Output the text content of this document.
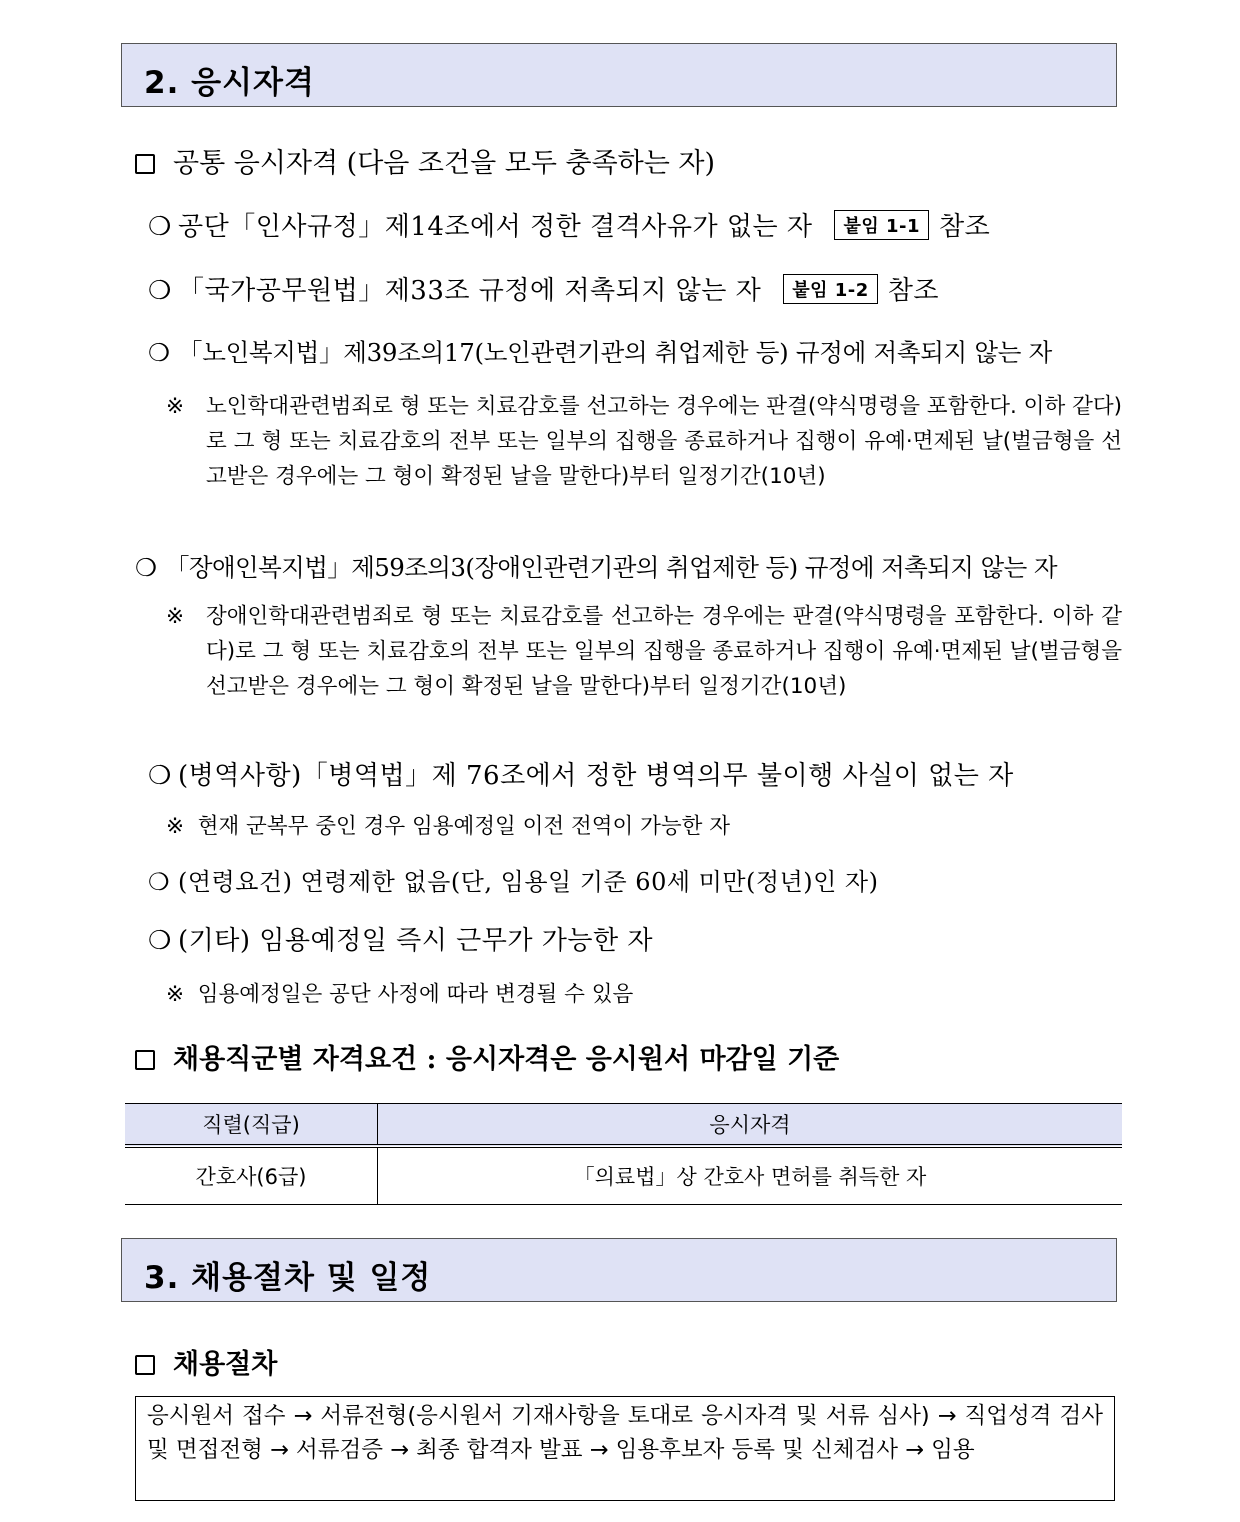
2. 응시자격
공통 응시자격 (다음 조건을 모두 충족하는 자)
❍ 공단「인사규정」제14조에서 정한 결격사유가 없는 자 붙임 1-1 참조
❍ 「국가공무원법」제33조 규정에 저촉되지 않는 자 붙임 1-2 참조
❍ 「노인복지법」제39조의17(노인관련기관의 취업제한 등) 규정에 저촉되지 않는 자
※ 노인학대관련범죄로 형 또는 치료감호를 선고하는 경우에는 판결(약식명령을 포함한다. 이하 같다)로 그 형 또는 치료감호의 전부 또는 일부의 집행을 종료하거나 집행이 유예·면제된 날(벌금형을 선고받은 경우에는 그 형이 확정된 날을 말한다)부터 일정기간(10년)
❍ 「장애인복지법」제59조의3(장애인관련기관의 취업제한 등) 규정에 저촉되지 않는 자
※ 장애인학대관련범죄로 형 또는 치료감호를 선고하는 경우에는 판결(약식명령을 포함한다. 이하 같다)로 그 형 또는 치료감호의 전부 또는 일부의 집행을 종료하거나 집행이 유예·면제된 날(벌금형을 선고받은 경우에는 그 형이 확정된 날을 말한다)부터 일정기간(10년)
❍ (병역사항)「병역법」제 76조에서 정한 병역의무 불이행 사실이 없는 자
※ 현재 군복무 중인 경우 임용예정일 이전 전역이 가능한 자
❍ (연령요건) 연령제한 없음(단, 임용일 기준 60세 미만(정년)인 자)
❍ (기타) 임용예정일 즉시 근무가 가능한 자
※ 임용예정일은 공단 사정에 따라 변경될 수 있음
채용직군별 자격요건 : 응시자격은 응시원서 마감일 기준
직렬(직급)	응시자격
간호사(6급)	「의료법」상 간호사 면허를 취득한 자
3. 채용절차 및 일정
채용절차
응시원서 접수 → 서류전형(응시원서 기재사항을 토대로 응시자격 및 서류 심사) → 직업성격 검사 및 면접전형 → 서류검증 → 최종 합격자 발표 → 임용후보자 등록 및 신체검사 → 임용
